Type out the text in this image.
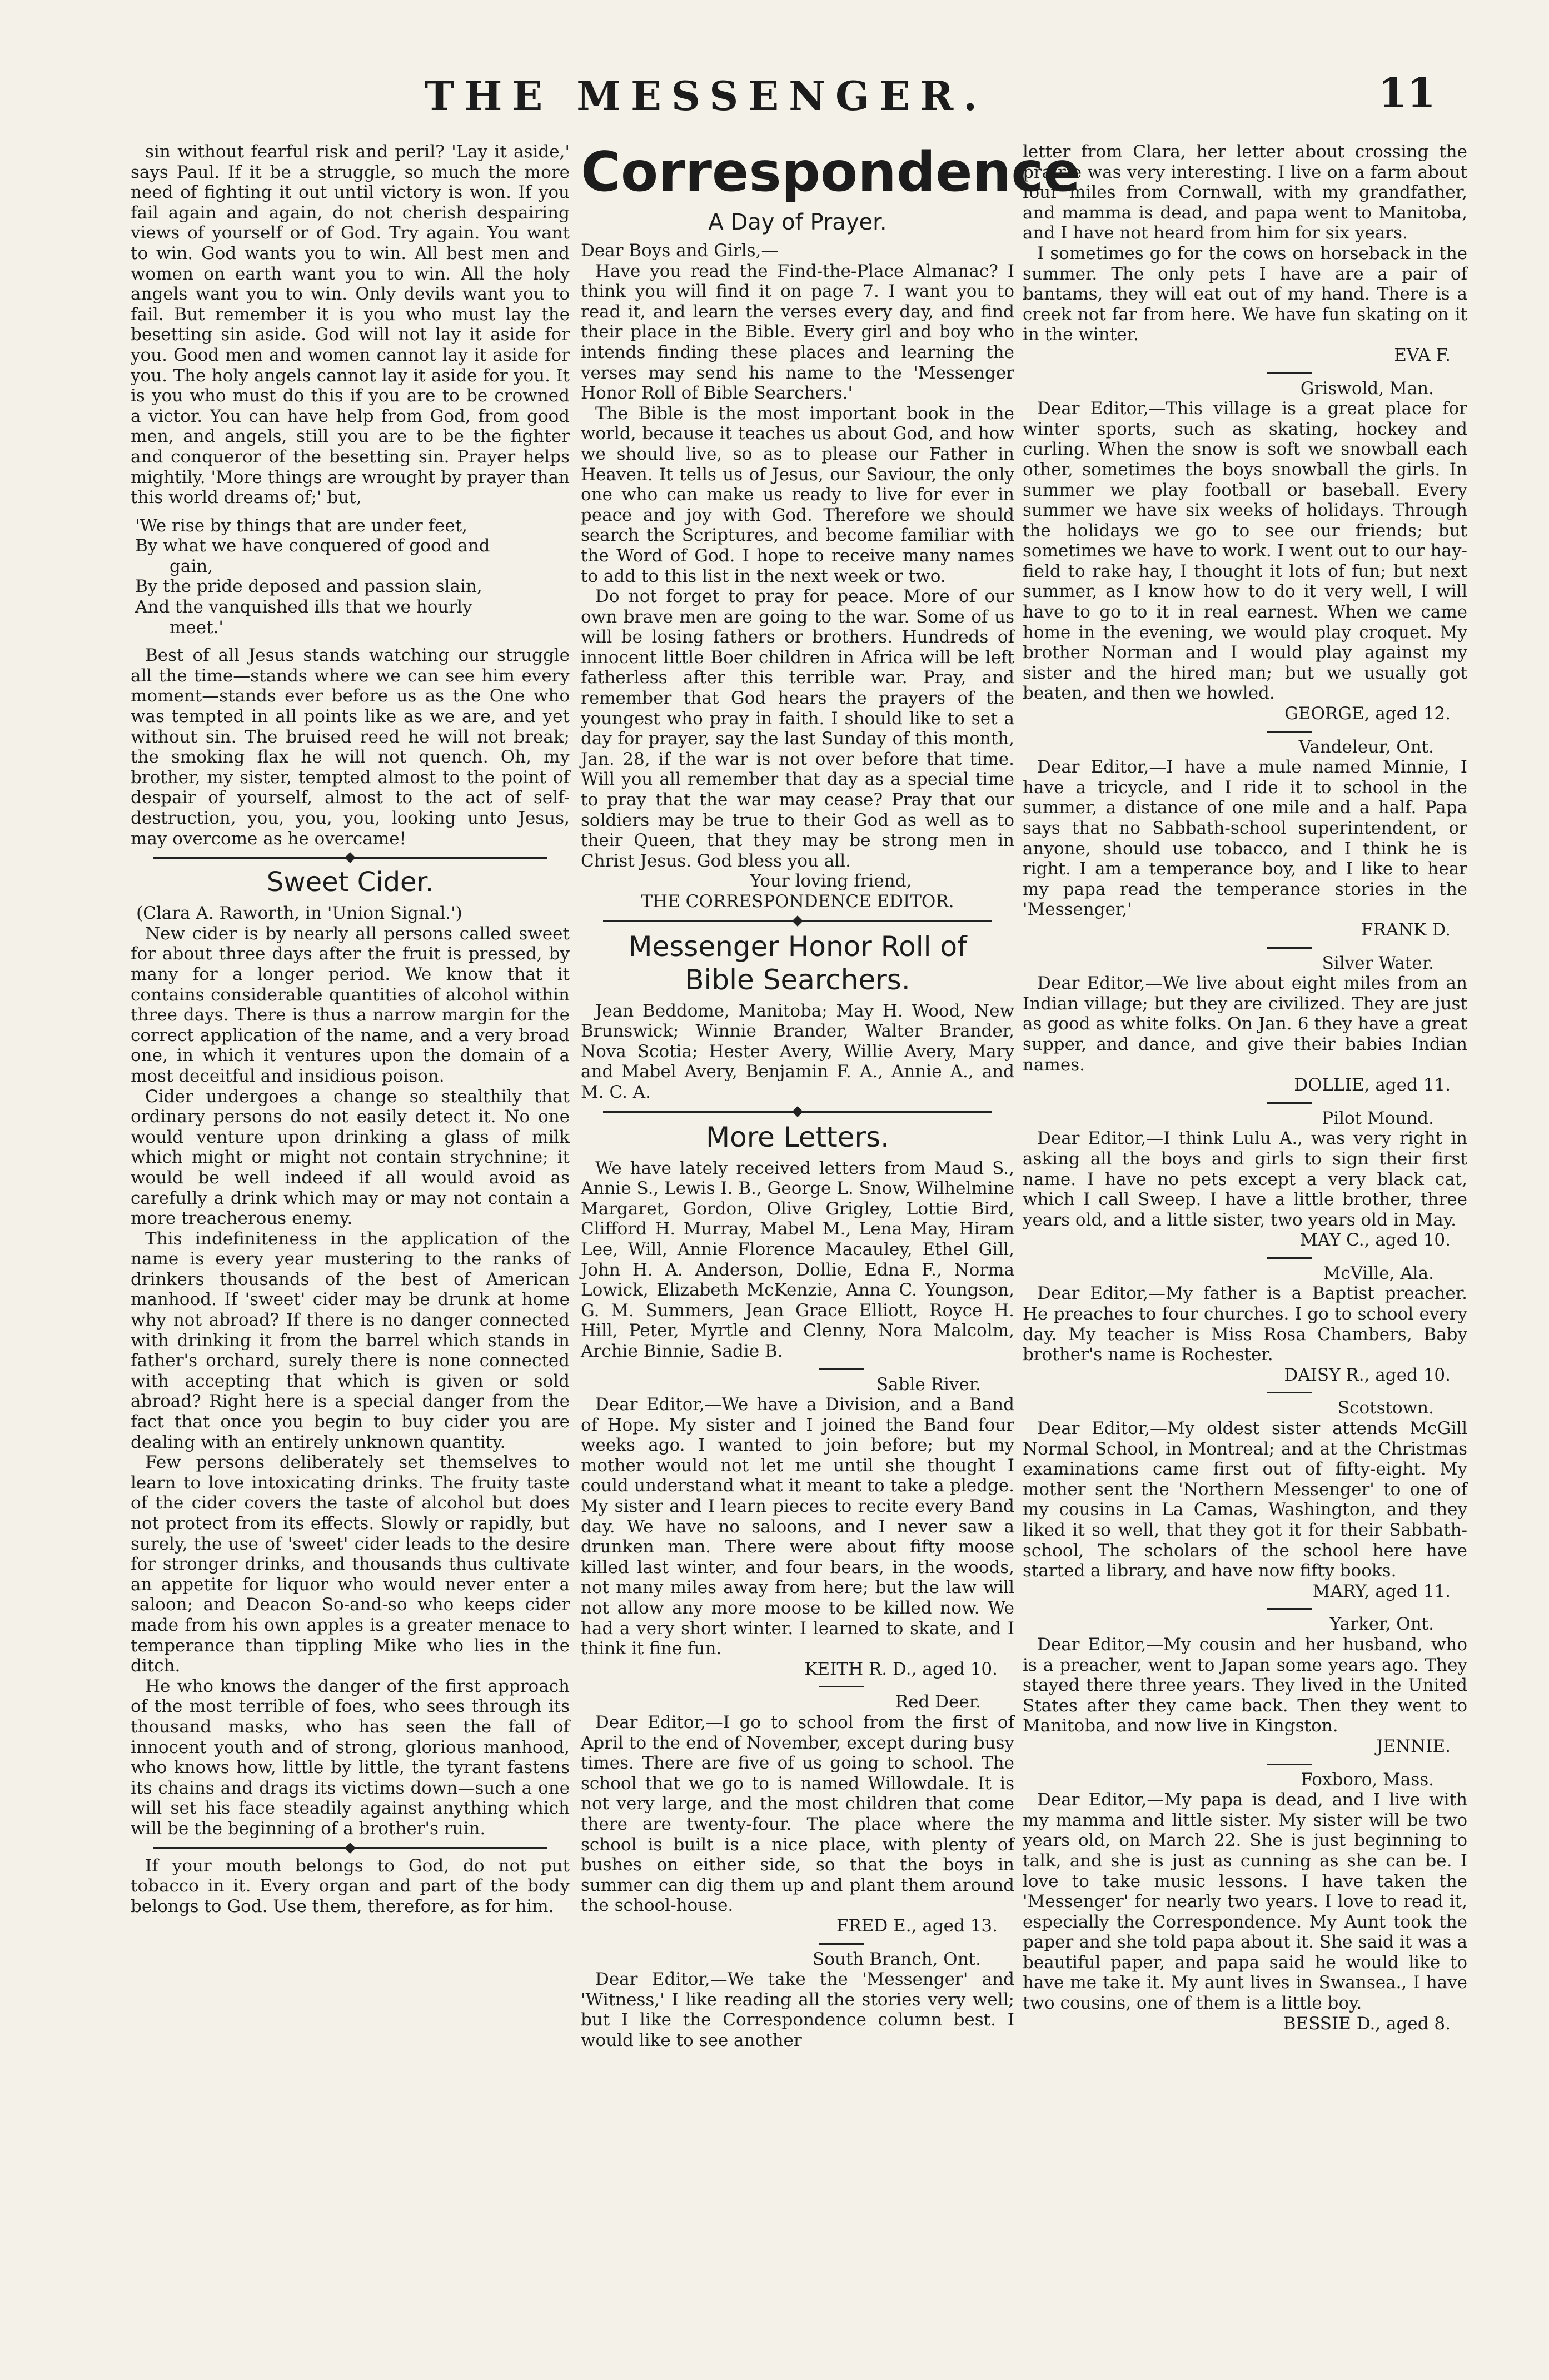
THE MESSENGER.	11

sin without fearful risk and peril? 'Lay it aside,' says Paul. If it be a struggle, so much the more need of fighting it out until victory is won. If you fail again and again, do not cherish despairing views of yourself or of God. Try again. You want to win. God wants you to win. All best men and women on earth want you to win. All the holy angels want you to win. Only devils want you to fail. But remember it is you who must lay the besetting sin aside. God will not lay it aside for you. Good men and women cannot lay it aside for you. The holy angels cannot lay it aside for you. It is you who must do this if you are to be crowned a victor. You can have help from God, from good men, and angels, still you are to be the fighter and conqueror of the besetting sin. Prayer helps mightily. 'More things are wrought by prayer than this world dreams of;' but,

'We rise by things that are under feet,

By what we have conquered of good and

gain,

By the pride deposed and passion slain,

And the vanquished ills that we hourly

meet.'

Best of all Jesus stands watching our struggle all the time—stands where we can see him every moment—stands ever before us as the One who was tempted in all points like as we are, and yet without sin. The bruised reed he will not break; the smoking flax he will not quench. Oh, my brother, my sister, tempted almost to the point of despair of yourself, almost to the act of self-destruction, you, you, you, looking unto Jesus, may overcome as he overcame!

Sweet Cider.

(Clara A. Raworth, in 'Union Signal.')

New cider is by nearly all persons called sweet for about three days after the fruit is pressed, by many for a longer period. We know that it contains considerable quantities of alcohol within three days. There is thus a narrow margin for the correct application of the name, and a very broad one, in which it ventures upon the domain of a most deceitful and insidious poison.

Cider undergoes a change so stealthily that ordinary persons do not easily detect it. No one would venture upon drinking a glass of milk which might or might not contain strychnine; it would be well indeed if all would avoid as carefully a drink which may or may not contain a more treacherous enemy.

This indefiniteness in the application of the name is every year mustering to the ranks of drinkers thousands of the best of American manhood. If 'sweet' cider may be drunk at home why not abroad? If there is no danger connected with drinking it from the barrel which stands in father's orchard, surely there is none connected with accepting that which is given or sold abroad? Right here is a special danger from the fact that once you begin to buy cider you are dealing with an entirely unknown quantity.

Few persons deliberately set themselves to learn to love intoxicating drinks. The fruity taste of the cider covers the taste of alcohol but does not protect from its effects. Slowly or rapidly, but surely, the use of 'sweet' cider leads to the desire for stronger drinks, and thousands thus cultivate an appetite for liquor who would never enter a saloon; and Deacon So-and-so who keeps cider made from his own apples is a greater menace to temperance than tippling Mike who lies in the ditch.

He who knows the danger of the first approach of the most terrible of foes, who sees through its thousand masks, who has seen the fall of innocent youth and of strong, glorious manhood, who knows how, little by little, the tyrant fastens its chains and drags its victims down—such a one will set his face steadily against anything which will be the beginning of a brother's ruin.

If your mouth belongs to God, do not put tobacco in it. Every organ and part of the body belongs to God. Use them, therefore, as for him.

Correspondence
A Day of Prayer.

Dear Boys and Girls,—

Have you read the Find-the-Place Almanac? I think you will find it on page 7. I want you to read it, and learn the verses every day, and find their place in the Bible. Every girl and boy who intends finding these places and learning the verses may send his name to the 'Messenger Honor Roll of Bible Searchers.'

The Bible is the most important book in the world, because it teaches us about God, and how we should live, so as to please our Father in Heaven. It tells us of Jesus, our Saviour, the only one who can make us ready to live for ever in peace and joy with God. Therefore we should search the Scriptures, and become familiar with the Word of God. I hope to receive many names to add to this list in the next week or two.

Do not forget to pray for peace. More of our own brave men are going to the war. Some of us will be losing fathers or brothers. Hundreds of innocent little Boer children in Africa will be left fatherless after this terrible war. Pray, and remember that God hears the prayers of the youngest who pray in faith. I should like to set a day for prayer, say the last Sunday of this month, Jan. 28, if the war is not over before that time. Will you all remember that day as a special time to pray that the war may cease? Pray that our soldiers may be true to their God as well as to their Queen, that they may be strong men in Christ Jesus. God bless you all.

Your loving friend,

THE CORRESPONDENCE EDITOR.

Messenger Honor Roll of
Bible Searchers.

Jean Beddome, Manitoba; May H. Wood, New Brunswick; Winnie Brander, Walter Brander, Nova Scotia; Hester Avery, Willie Avery, Mary and Mabel Avery, Benjamin F. A., Annie A., and M. C. A.

More Letters.

We have lately received letters from Maud S., Annie S., Lewis I. B., George L. Snow, Wilhelmine Margaret, Gordon, Olive Grigley, Lottie Bird, Clifford H. Murray, Mabel M., Lena May, Hiram Lee, Will, Annie Florence Macauley, Ethel Gill, John H. A. Anderson, Dollie, Edna F., Norma Lowick, Elizabeth McKenzie, Anna C. Youngson, G. M. Summers, Jean Grace Elliott, Royce H. Hill, Peter, Myrtle and Clenny, Nora Malcolm, Archie Binnie, Sadie B.

Sable River.

Dear Editor,—We have a Division, and a Band of Hope. My sister and I joined the Band four weeks ago. I wanted to join before; but my mother would not let me until she thought I could understand what it meant to take a pledge. My sister and I learn pieces to recite every Band day. We have no saloons, and I never saw a drunken man. There were about fifty moose killed last winter, and four bears, in the woods, not many miles away from here; but the law will not allow any more moose to be killed now. We had a very short winter. I learned to skate, and I think it fine fun.

KEITH R. D., aged 10.

Red Deer.

Dear Editor,—I go to school from the first of April to the end of November, except during busy times. There are five of us going to school. The school that we go to is named Willowdale. It is not very large, and the most children that come there are twenty-four. The place where the school is built is a nice place, with plenty of bushes on either side, so that the boys in summer can dig them up and plant them around the school-house.

FRED E., aged 13.

South Branch, Ont.

Dear Editor,—We take the 'Messenger' and 'Witness,' I like reading all the stories very well; but I like the Correspondence column best. I would like to see another

letter from Clara, her letter about crossing the prairie was very interesting. I live on a farm about four miles from Cornwall, with my grandfather, and mamma is dead, and papa went to Manitoba, and I have not heard from him for six years.

I sometimes go for the cows on horseback in the summer. The only pets I have are a pair of bantams, they will eat out of my hand. There is a creek not far from here. We have fun skating on it in the winter.

EVA F.

Griswold, Man.

Dear Editor,—This village is a great place for winter sports, such as skating, hockey and curling. When the snow is soft we snowball each other, sometimes the boys snowball the girls. In summer we play football or baseball. Every summer we have six weeks of holidays. Through the holidays we go to see our friends; but sometimes we have to work. I went out to our hay-field to rake hay, I thought it lots of fun; but next summer, as I know how to do it very well, I will have to go to it in real earnest. When we came home in the evening, we would play croquet. My brother Norman and I would play against my sister and the hired man; but we usually got beaten, and then we howled.

GEORGE, aged 12.

Vandeleur, Ont.

Dear Editor,—I have a mule named Minnie, I have a tricycle, and I ride it to school in the summer, a distance of one mile and a half. Papa says that no Sabbath-school superintendent, or anyone, should use tobacco, and I think he is right. I am a temperance boy, and I like to hear my papa read the temperance stories in the 'Messenger,'

FRANK D.

Silver Water.

Dear Editor,—We live about eight miles from an Indian village; but they are civilized. They are just as good as white folks. On Jan. 6 they have a great supper, and dance, and give their babies Indian names.

DOLLIE, aged 11.

Pilot Mound.

Dear Editor,—I think Lulu A., was very right in asking all the boys and girls to sign their first name. I have no pets except a very black cat, which I call Sweep. I have a little brother, three years old, and a little sister, two years old in May.

MAY C., aged 10.

McVille, Ala.

Dear Editor,—My father is a Baptist preacher. He preaches to four churches. I go to school every day. My teacher is Miss Rosa Chambers, Baby brother's name is Rochester.

DAISY R., aged 10.

Scotstown.

Dear Editor,—My oldest sister attends McGill Normal School, in Montreal; and at the Christmas examinations came first out of fifty-eight. My mother sent the 'Northern Messenger' to one of my cousins in La Camas, Washington, and they liked it so well, that they got it for their Sabbath-school, The scholars of the school here have started a library, and have now fifty books.

MARY, aged 11.

Yarker, Ont.

Dear Editor,—My cousin and her husband, who is a preacher, went to Japan some years ago. They stayed there three years. They lived in the United States after they came back. Then they went to Manitoba, and now live in Kingston.

JENNIE.

Foxboro, Mass.

Dear Editor,—My papa is dead, and I live with my mamma and little sister. My sister will be two years old, on March 22. She is just beginning to talk, and she is just as cunning as she can be. I love to take music lessons. I have taken the 'Messenger' for nearly two years. I love to read it, especially the Correspondence. My Aunt took the paper and she told papa about it. She said it was a beautiful paper, and papa said he would like to have me take it. My aunt lives in Swansea., I have two cousins, one of them is a little boy.

BESSIE D., aged 8.
